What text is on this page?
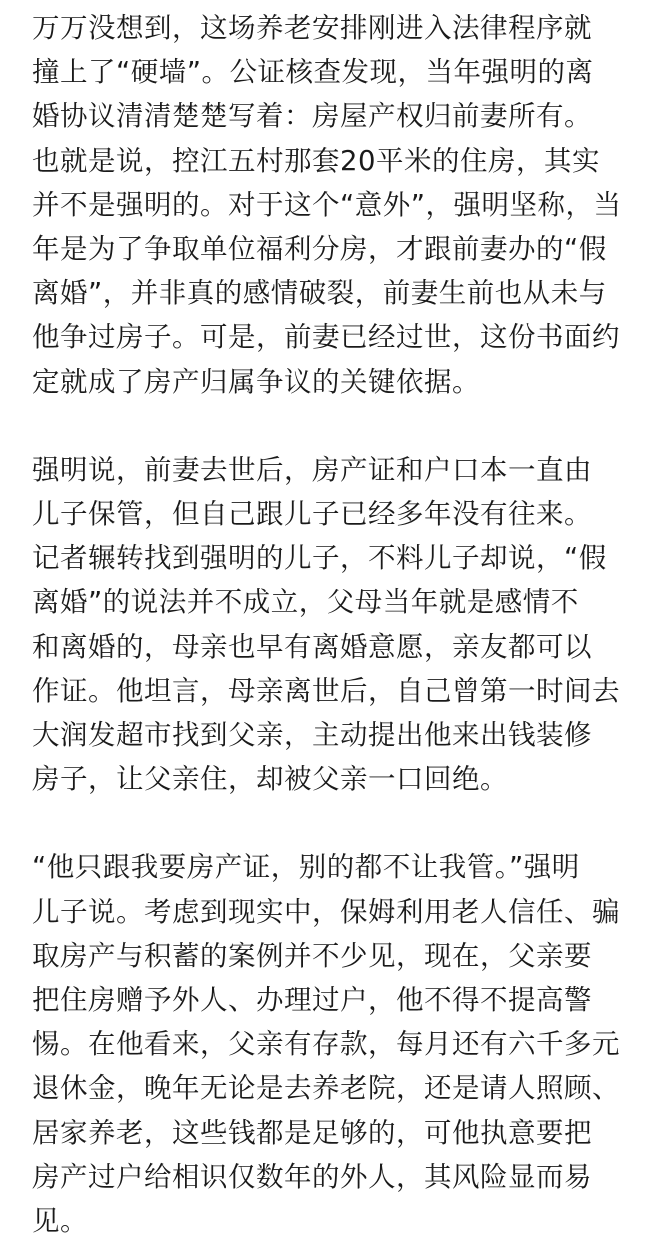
万万没想到，这场养老安排刚进入法律程序就
撞上了“硬墙”。公证核查发现，当年强明的离
婚协议清清楚楚写着：房屋产权归前妻所有。
也就是说，控江五村那套20平米的住房，其实
并不是强明的。对于这个“意外”，强明坚称，当
年是为了争取单位福利分房，才跟前妻办的“假
离婚”，并非真的感情破裂，前妻生前也从未与
他争过房子。可是，前妻已经过世，这份书面约
定就成了房产归属争议的关键依据。

强明说，前妻去世后，房产证和户口本一直由
儿子保管，但自己跟儿子已经多年没有往来。
记者辗转找到强明的儿子，不料儿子却说，“假
离婚”的说法并不成立，父母当年就是感情不
和离婚的，母亲也早有离婚意愿，亲友都可以
作证。他坦言，母亲离世后，自己曾第一时间去
大润发超市找到父亲，主动提出他来出钱装修
房子，让父亲住，却被父亲一口回绝。

“他只跟我要房产证，别的都不让我管。”强明
儿子说。考虑到现实中，保姆利用老人信任、骗
取房产与积蓄的案例并不少见，现在，父亲要
把住房赠予外人、办理过户，他不得不提高警
惕。在他看来，父亲有存款，每月还有六千多元
退休金，晚年无论是去养老院，还是请人照顾、
居家养老，这些钱都是足够的，可他执意要把
房产过户给相识仅数年的外人，其风险显而易
见。
